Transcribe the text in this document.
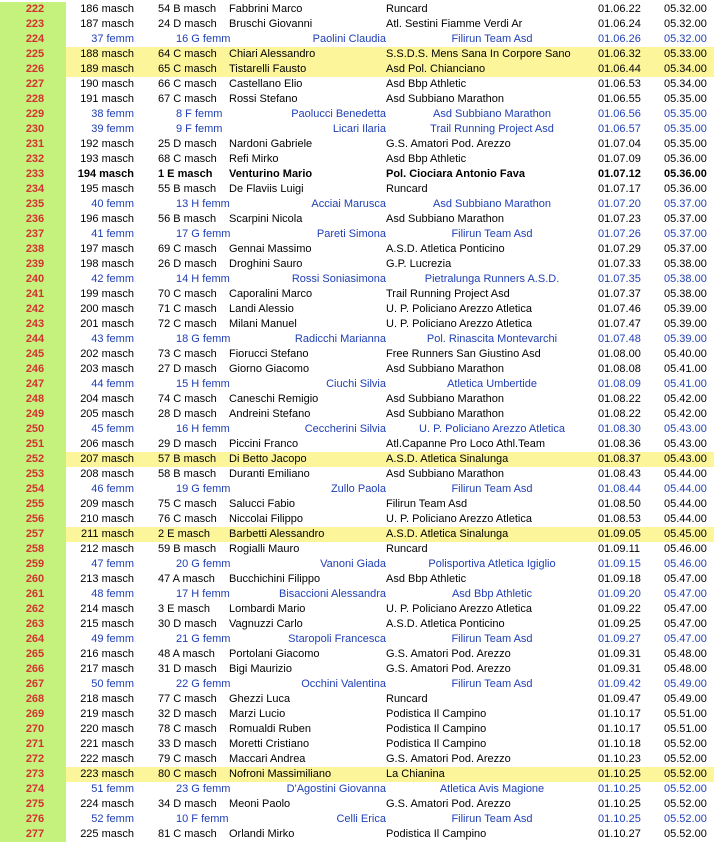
222	186 masch 54 B masch	Fabbrini Marco	Runcard	01.06.22	05.32.00
223	187 masch 24 D masch	Bruschi Giovanni	Atl. Sestini Fiamme Verdi Ar	01.06.24	05.32.00
224	37 femm	16 G femm	Paolini Claudia	Filirun Team Asd	01.06.26	05.32.00
225	188 masch 64 C masch	Chiari Alessandro	S.S.D.S. Mens Sana In Corpore Sano	01.06.32	05.33.00
226	189 masch 65 C masch	Tistarelli Fausto	Asd Pol. Chianciano	01.06.44	05.34.00
227	190 masch 66 C masch	Castellano Elio	Asd Bbp Athletic	01.06.53	05.34.00
228	191 masch 67 C masch	Rossi Stefano	Asd Subbiano Marathon	01.06.55	05.35.00
229	38 femm	8 F femm	Paolucci Benedetta	Asd Subbiano Marathon	01.06.56	05.35.00
230	39 femm	9 F femm	Licari Ilaria	Trail Running Project Asd	01.06.57	05.35.00
231	192 masch 25 D masch	Nardoni Gabriele	G.S. Amatori Pod. Arezzo	01.07.04	05.35.00
232	193 masch 68 C masch	Refi Mirko	Asd Bbp Athletic	01.07.09	05.36.00
233	194 masch 1 E masch	Venturino Mario	Pol. Ciociara Antonio Fava	01.07.12	05.36.00
234	195 masch 55 B masch	De Flaviis Luigi	Runcard	01.07.17	05.36.00
235	40 femm	13 H femm	Acciai Marusca	Asd Subbiano Marathon	01.07.20	05.37.00
236	196 masch 56 B masch	Scarpini Nicola	Asd Subbiano Marathon	01.07.23	05.37.00
237	41 femm	17 G femm	Pareti Simona	Filirun Team Asd	01.07.26	05.37.00
238	197 masch 69 C masch	Gennai Massimo	A.S.D. Atletica Ponticino	01.07.29	05.37.00
239	198 masch 26 D masch	Droghini Sauro	G.P. Lucrezia	01.07.33	05.38.00
240	42 femm	14 H femm	Rossi Soniasimona	Pietralunga Runners A.S.D.	01.07.35	05.38.00
241	199 masch 70 C masch	Caporalini Marco	Trail Running Project Asd	01.07.37	05.38.00
242	200 masch 71 C masch	Landi Alessio	U. P. Policiano Arezzo Atletica	01.07.46	05.39.00
243	201 masch 72 C masch	Milani Manuel	U. P. Policiano Arezzo Atletica	01.07.47	05.39.00
244	43 femm	18 G femm	Radicchi Marianna	Pol. Rinascita Montevarchi	01.07.48	05.39.00
245	202 masch 73 C masch	Fiorucci Stefano	Free Runners San Giustino Asd	01.08.00	05.40.00
246	203 masch 27 D masch	Giorno Giacomo	Asd Subbiano Marathon	01.08.08	05.41.00
247	44 femm	15 H femm	Ciuchi Silvia	Atletica Umbertide	01.08.09	05.41.00
248	204 masch 74 C masch	Caneschi Remigio	Asd Subbiano Marathon	01.08.22	05.42.00
249	205 masch 28 D masch	Andreini Stefano	Asd Subbiano Marathon	01.08.22	05.42.00
250	45 femm	16 H femm	Ceccherini Silvia	U. P. Policiano Arezzo Atletica	01.08.30	05.43.00
251	206 masch 29 D masch	Piccini Franco	Atl.Capanne Pro Loco Athl.Team	01.08.36	05.43.00
252	207 masch 57 B masch	Di Betto Jacopo	A.S.D. Atletica Sinalunga	01.08.37	05.43.00
253	208 masch 58 B masch	Duranti Emiliano	Asd Subbiano Marathon	01.08.43	05.44.00
254	46 femm	19 G femm	Zullo Paola	Filirun Team Asd	01.08.44	05.44.00
255	209 masch 75 C masch	Salucci Fabio	Filirun Team Asd	01.08.50	05.44.00
256	210 masch 76 C masch	Niccolai Filippo	U. P. Policiano Arezzo Atletica	01.08.53	05.44.00
257	211 masch 2 E masch	Barbetti Alessandro	A.S.D. Atletica Sinalunga	01.09.05	05.45.00
258	212 masch 59 B masch	Rogialli Mauro	Runcard	01.09.11	05.46.00
259	47 femm	20 G femm	Vanoni Giada	Polisportiva Atletica Igiglio	01.09.15	05.46.00
260	213 masch 47 A masch	Bucchichini Filippo	Asd Bbp Athletic	01.09.18	05.47.00
261	48 femm	17 H femm	Bisaccioni Alessandra	Asd Bbp Athletic	01.09.20	05.47.00
262	214 masch 3 E masch	Lombardi Mario	U. P. Policiano Arezzo Atletica	01.09.22	05.47.00
263	215 masch 30 D masch	Vagnuzzi Carlo	A.S.D. Atletica Ponticino	01.09.25	05.47.00
264	49 femm	21 G femm	Staropoli Francesca	Filirun Team Asd	01.09.27	05.47.00
265	216 masch 48 A masch	Portolani Giacomo	G.S. Amatori Pod. Arezzo	01.09.31	05.48.00
266	217 masch 31 D masch	Bigi Maurizio	G.S. Amatori Pod. Arezzo	01.09.31	05.48.00
267	50 femm	22 G femm	Occhini Valentina	Filirun Team Asd	01.09.42	05.49.00
268	218 masch 77 C masch	Ghezzi Luca	Runcard	01.09.47	05.49.00
269	219 masch 32 D masch	Marzi Lucio	Podistica Il Campino	01.10.17	05.51.00
270	220 masch 78 C masch	Romualdi Ruben	Podistica Il Campino	01.10.17	05.51.00
271	221 masch 33 D masch	Moretti Cristiano	Podistica Il Campino	01.10.18	05.52.00
272	222 masch 79 C masch	Maccari Andrea	G.S. Amatori Pod. Arezzo	01.10.23	05.52.00
273	223 masch 80 C masch	Nofroni Massimiliano	La Chianina	01.10.25	05.52.00
274	51 femm	23 G femm	D'Agostini Giovanna	Atletica Avis Magione	01.10.25	05.52.00
275	224 masch 34 D masch	Meoni Paolo	G.S. Amatori Pod. Arezzo	01.10.25	05.52.00
276	52 femm	10 F femm	Celli Erica	Filirun Team Asd	01.10.25	05.52.00
277	225 masch 81 C masch	Orlandi Mirko	Podistica Il Campino	01.10.27	05.52.00
